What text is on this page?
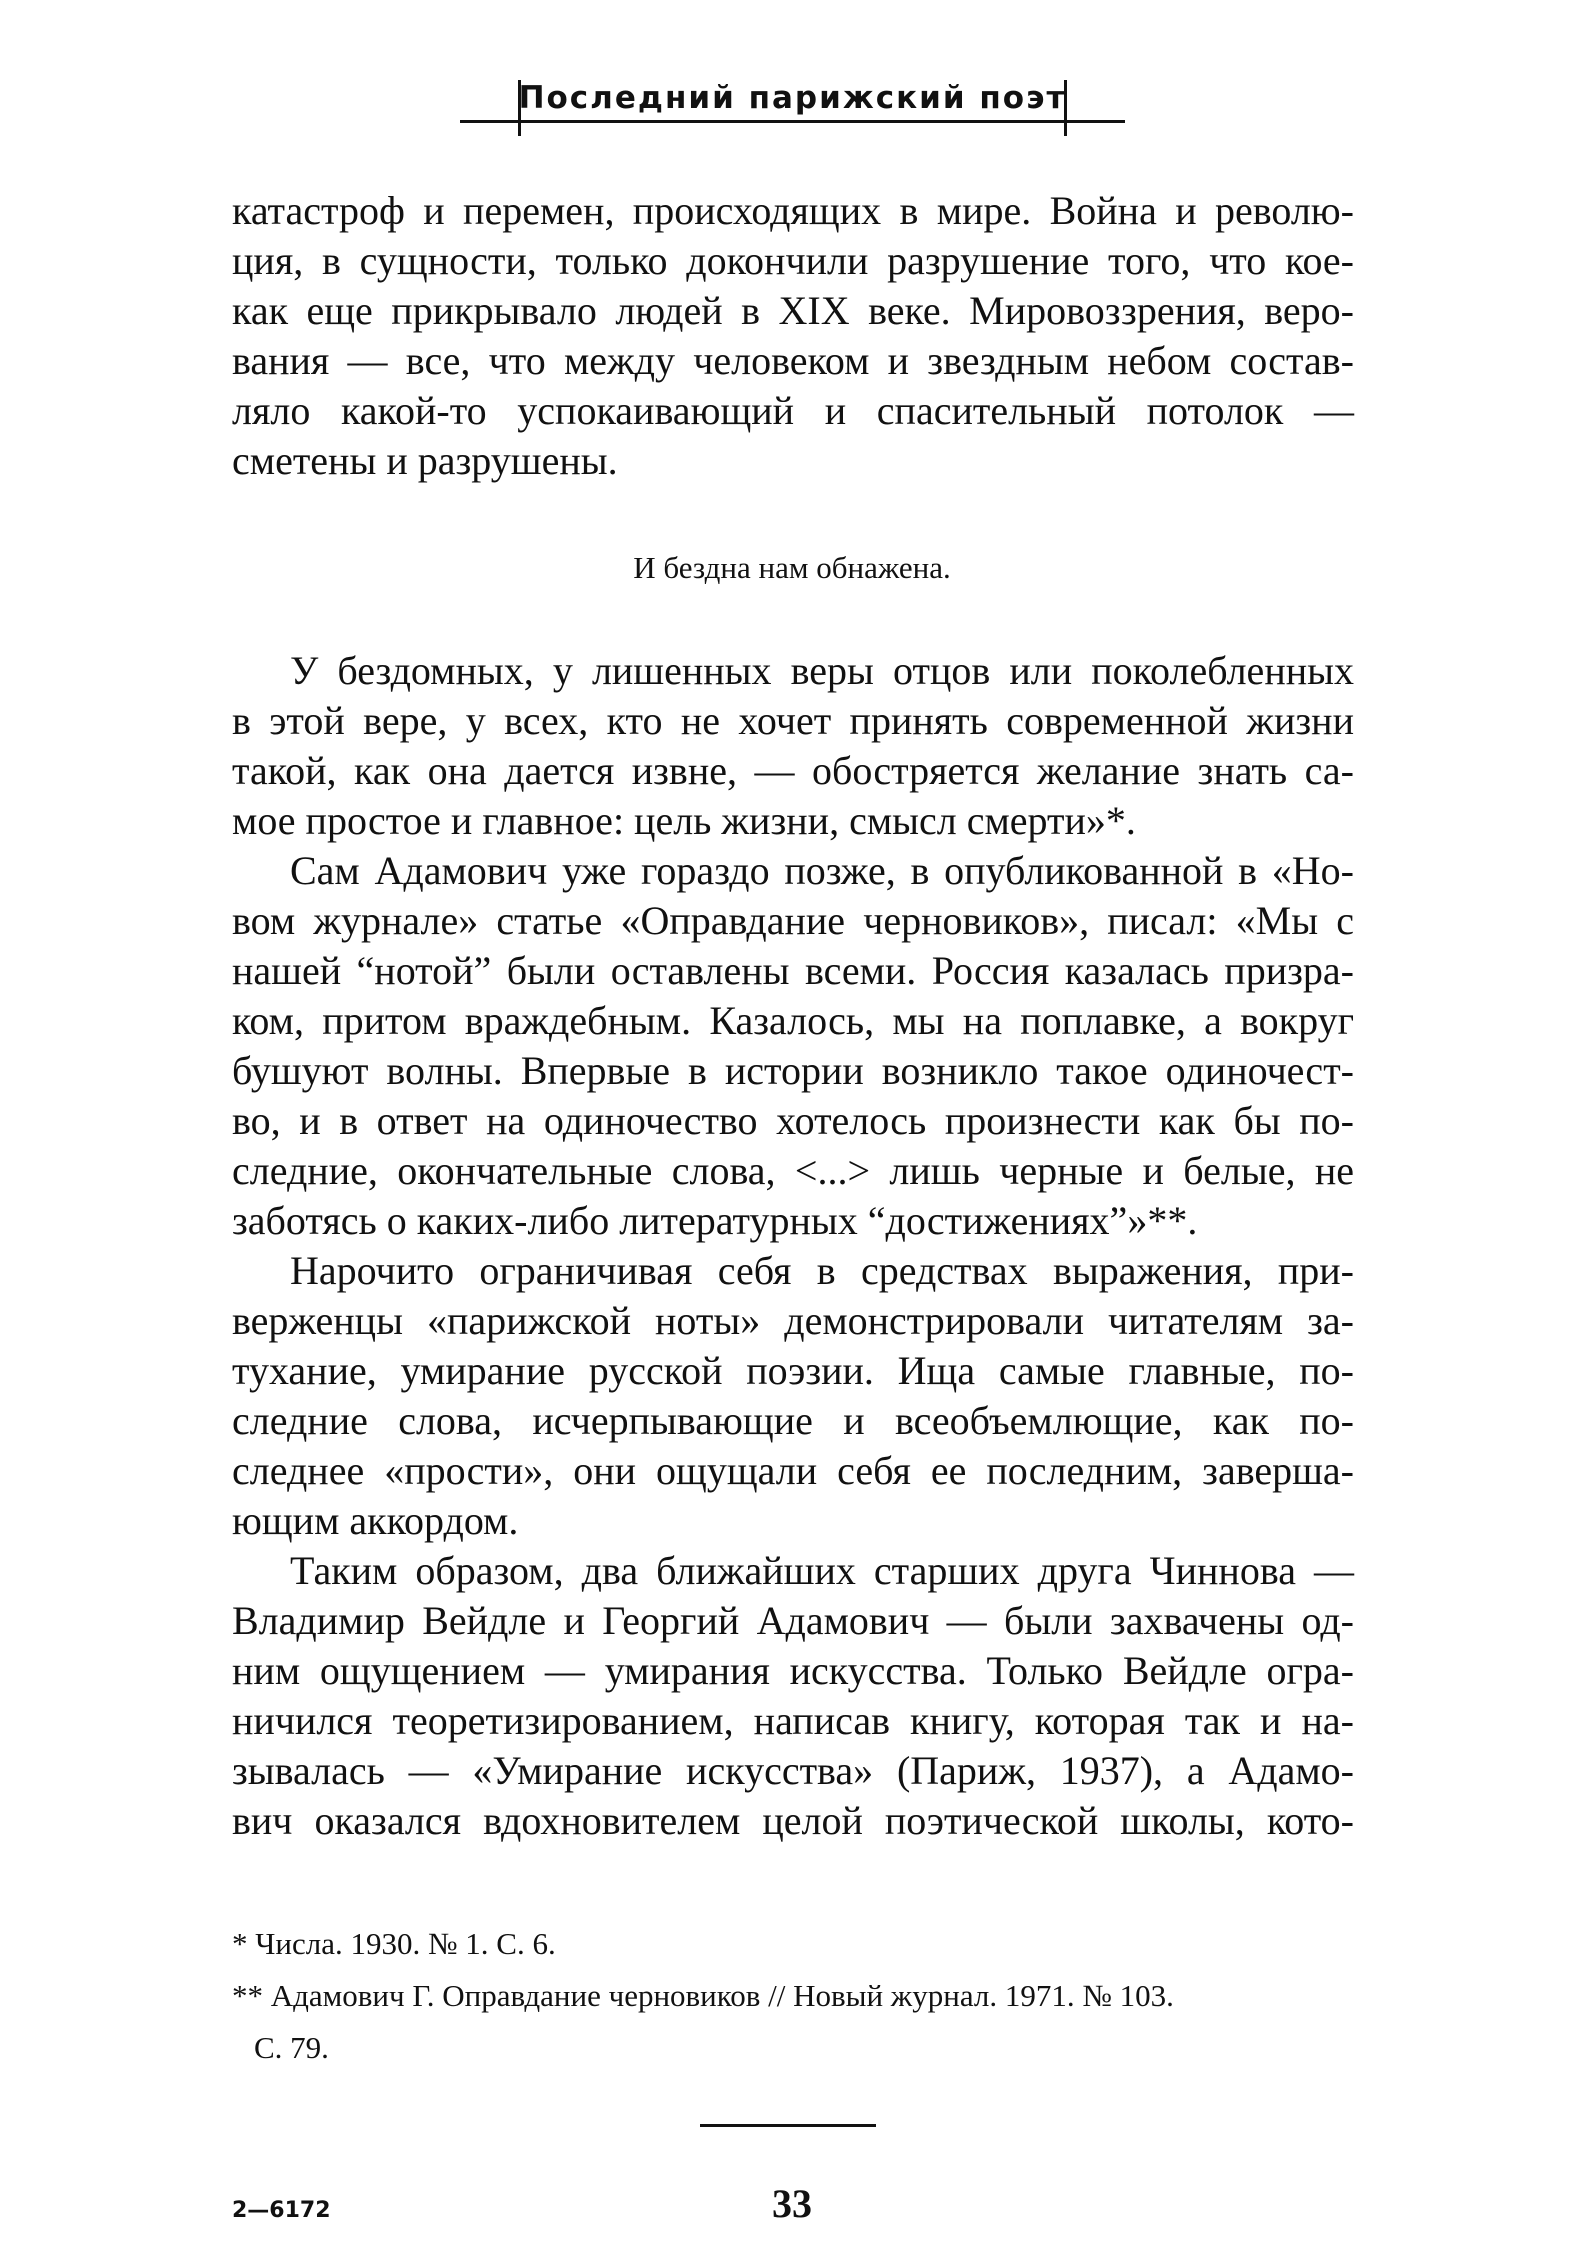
Последний парижский поэт
катастроф и перемен, происходящих в мире. Война и револю-
ция, в сущности, только докончили разрушение того, что кое-
как еще прикрывало людей в XIX веке. Мировоззрения, веро-
вания — все, что между человеком и звездным небом состав-
ляло какой-то успокаивающий и спасительный потолок —
сметены и разрушены.
И бездна нам обнажена.
У бездомных, у лишенных веры отцов или поколебленных
в этой вере, у всех, кто не хочет принять современной жизни
такой, как она дается извне, — обостряется желание знать са-
мое простое и главное: цель жизни, смысл смерти»*.
Сам Адамович уже гораздо позже, в опубликованной в «Но-
вом журнале» статье «Оправдание черновиков», писал: «Мы с
нашей “нотой” были оставлены всеми. Россия казалась призра-
ком, притом враждебным. Казалось, мы на поплавке, а вокруг
бушуют волны. Впервые в истории возникло такое одиночест-
во, и в ответ на одиночество хотелось произнести как бы по-
следние, окончательные слова, <...> лишь черные и белые, не
заботясь о каких-либо литературных “достижениях”»**.
Нарочито ограничивая себя в средствах выражения, при-
верженцы «парижской ноты» демонстрировали читателям за-
тухание, умирание русской поэзии. Ища самые главные, по-
следние слова, исчерпывающие и всеобъемлющие, как по-
следнее «прости», они ощущали себя ее последним, заверша-
ющим аккордом.
Таким образом, два ближайших старших друга Чиннова —
Владимир Вейдле и Георгий Адамович — были захвачены од-
ним ощущением — умирания искусства. Только Вейдле огра-
ничился теоретизированием, написав книгу, которая так и на-
зывалась — «Умирание искусства» (Париж, 1937), а Адамо-
вич оказался вдохновителем целой поэтической школы, кото-
* Числа. 1930. № 1. С. 6.
** Адамович Г. Оправдание черновиков // Новый журнал. 1971. № 103.
С. 79.
2—6172	33
